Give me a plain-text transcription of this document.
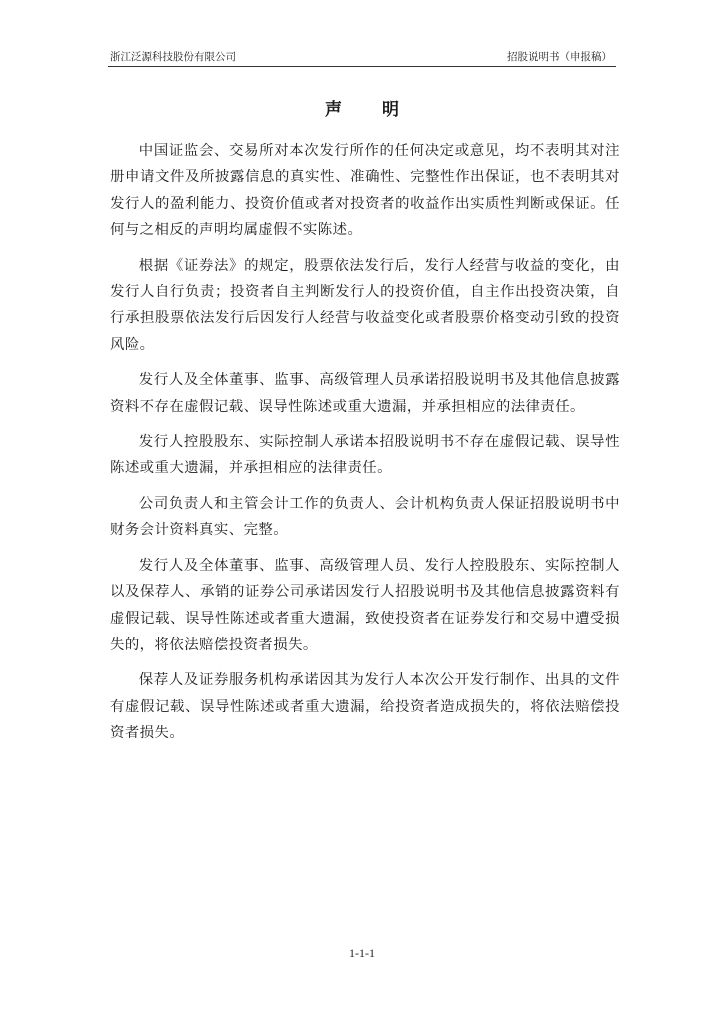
浙江泛源科技股份有限公司	招股说明书（申报稿）
声明

中国证监会、交易所对本次发行所作的任何决定或意见，均不表明其对注册申请文件及所披露信息的真实性、准确性、完整性作出保证，也不表明其对发行人的盈利能力、投资价值或者对投资者的收益作出实质性判断或保证。任何与之相反的声明均属虚假不实陈述。

根据《证券法》的规定，股票依法发行后，发行人经营与收益的变化，由发行人自行负责；投资者自主判断发行人的投资价值，自主作出投资决策，自行承担股票依法发行后因发行人经营与收益变化或者股票价格变动引致的投资风险。

发行人及全体董事、监事、高级管理人员承诺招股说明书及其他信息披露资料不存在虚假记载、误导性陈述或重大遗漏，并承担相应的法律责任。

发行人控股股东、实际控制人承诺本招股说明书不存在虚假记载、误导性陈述或重大遗漏，并承担相应的法律责任。

公司负责人和主管会计工作的负责人、会计机构负责人保证招股说明书中财务会计资料真实、完整。

发行人及全体董事、监事、高级管理人员、发行人控股股东、实际控制人以及保荐人、承销的证券公司承诺因发行人招股说明书及其他信息披露资料有虚假记载、误导性陈述或者重大遗漏，致使投资者在证券发行和交易中遭受损失的，将依法赔偿投资者损失。

保荐人及证券服务机构承诺因其为发行人本次公开发行制作、出具的文件有虚假记载、误导性陈述或者重大遗漏，给投资者造成损失的，将依法赔偿投资者损失。

1-1-1
